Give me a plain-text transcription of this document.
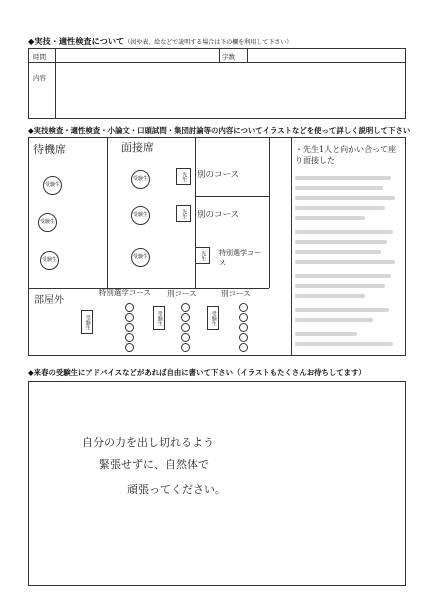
◆実技・適性検査について（図や表、絵などで説明する場合は下の欄を利用して下さい）
時間	字数
内容
◆実技検査・適性検査・小論文・口頭試問・集団討論等の内容についてイラストなどを使って詳しく説明して下さい
待機席	面接席
部屋外
受験生
受験生
受験生
受験生	先生	別のコース
受験生	先生	別のコース
受験生	先生	特別選学コース
特別選学コース 別コース	別コース
受験生	受験生	受験生
・先生1人と向かい合って座り面接した
◆来春の受験生にアドバイスなどがあれば自由に書いて下さい（イラストもたくさんお待ちしてます）
自分の力を出し切れるよう
緊張せずに、自然体で
頑張ってください。
